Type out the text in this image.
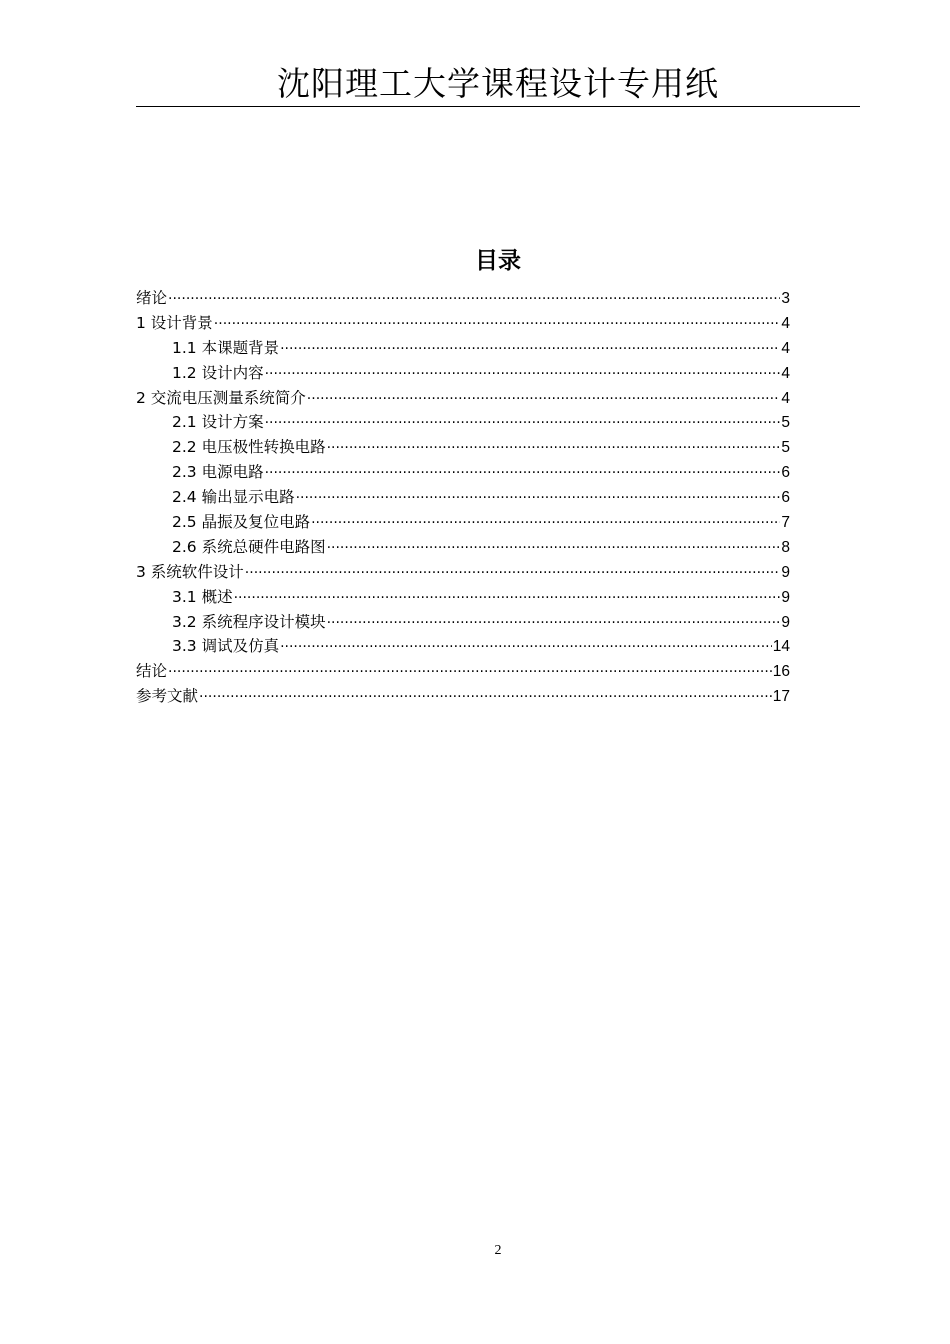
沈阳理工大学课程设计专用纸
目录
绪论 ·····	3
1 设计背景 ·····	4
1.1 本课题背景 ·····	4
1.2 设计内容 ·····	4
2 交流电压测量系统简介 ·····	4
2.1 设计方案 ·····	5
2.2 电压极性转换电路 ·····	5
2.3 电源电路 ·····	6
2.4 输出显示电路 ·····	6
2.5 晶振及复位电路 ·····	7
2.6 系统总硬件电路图 ·····	8
3 系统软件设计 ·····	9
3.1 概述 ·····	9
3.2 系统程序设计模块 ·····	9
3.3 调试及仿真 ·····	14
结论 ·····	16
参考文献 ·····	17
2
